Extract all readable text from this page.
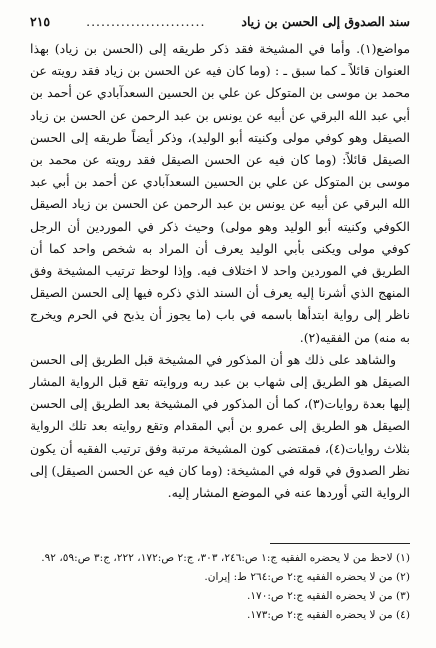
سند الصدوق إلى الحسن بن زياد
........................
٢١٥

مواضع(١). وأما في المشيخة فقد ذكر طريقه إلى (الحسن بن زياد) بهذا العنوان قائلاً ـ كما سبق ـ : (وما كان فيه عن الحسن بن زياد فقد رويته عن محمد بن موسى بن المتوكل عن علي بن الحسين السعدآبادي عن أحمد بن أبي عبد الله البرقي عن أبيه عن يونس بن عبد الرحمن عن الحسن بن زياد الصيقل وهو كوفي مولى وكنيته أبو الوليد)، وذكر أيضاً طريقه إلى الحسن الصيقل قائلاً: (وما كان فيه عن الحسن الصيقل فقد رويته عن محمد بن موسى بن المتوكل عن علي بن الحسين السعدآبادي عن أحمد بن أبي عبد الله البرقي عن أبيه عن يونس بن عبد الرحمن عن الحسن بن زياد الصيقل الكوفي وكنيته أبو الوليد وهو مولى) وحيث ذكر في الموردين أن الرجل كوفي مولى ويكنى بأبي الوليد يعرف أن المراد به شخص واحد كما أن الطريق في الموردين واحد لا اختلاف فيه. وإذا لوحظ ترتيب المشيخة وفق المنهج الذي أشرنا إليه يعرف أن السند الذي ذكره فيها إلى الحسن الصيقل ناظر إلى رواية ابتدأها باسمه في باب (ما يجوز أن يذبح في الحرم ويخرج به منه) من الفقيه(٢).

والشاهد على ذلك هو أن المذكور في المشيخة قبل الطريق إلى الحسن الصيقل هو الطريق إلى شهاب بن عبد ربه وروايته تقع قبل الرواية المشار إليها بعدة روايات(٣)، كما أن المذكور في المشيخة بعد الطريق إلى الحسن الصيقل هو الطريق إلى عمرو بن أبي المقدام وتقع روايته بعد تلك الرواية بثلاث روايات(٤)، فمقتضى كون المشيخة مرتبة وفق ترتيب الفقيه أن يكون نظر الصدوق في قوله في المشيخة: (وما كان فيه عن الحسن الصيقل) إلى الرواية التي أوردها عنه في الموضع المشار إليه.

(١) لاحظ من لا يحضره الفقيه ج:١ ص:٢٤٦، ٣٠٣، ج:٢ ص:١٧٢، ٢٢٢، ج:٣ ص:٥٩، ٩٢.
(٢) من لا يحضره الفقيه ج:٢ ص:٢٦٤ ط: إيران.
(٣) من لا يحضره الفقيه ج:٢ ص:١٧٠.
(٤) من لا يحضره الفقيه ج:٢ ص:١٧٣.
